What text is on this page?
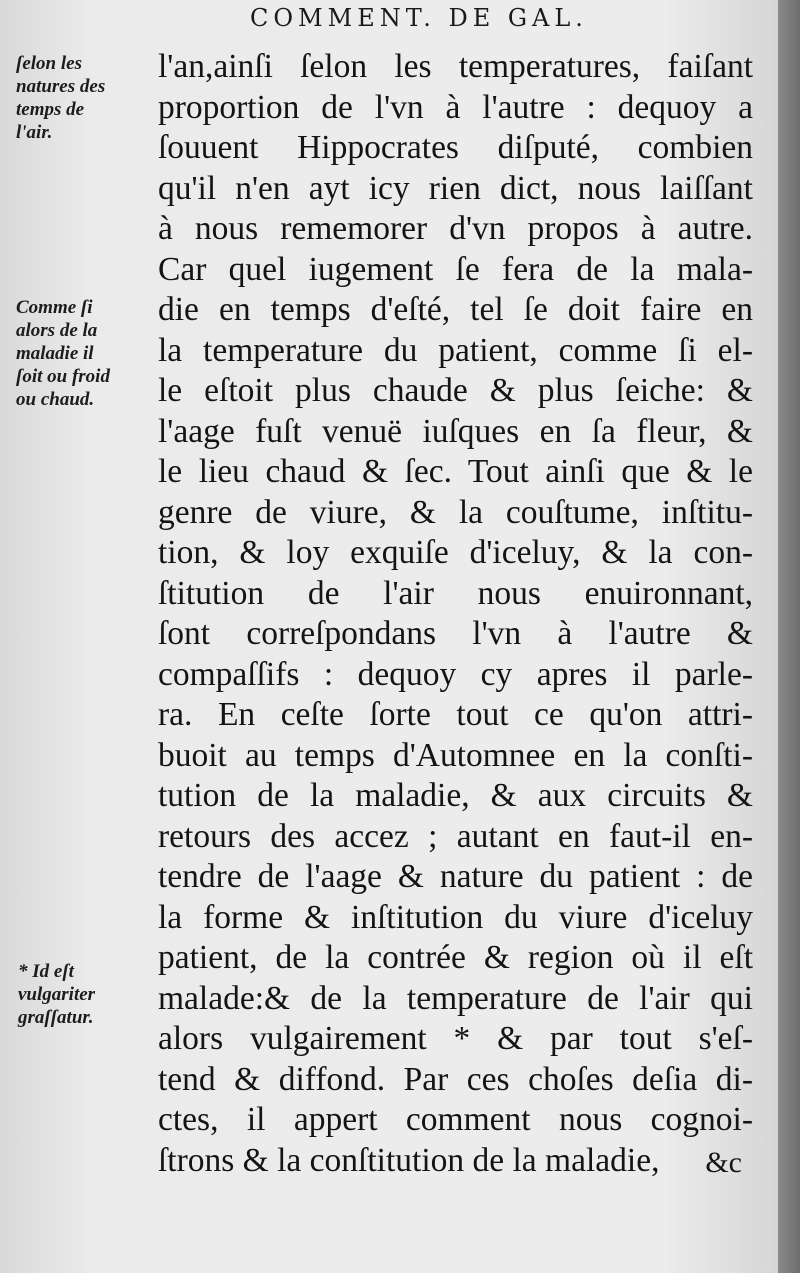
COMMENT. DE GAL.
ſelon les
natures des
temps de
l'air.
Comme ſi
alors de la
maladie il
ſoit ou froid
ou chaud.
* Id eſt
vulgariter
graſſatur.
l'an,ainſi ſelon les temperatures, faiſant
proportion de l'vn à l'autre : dequoy a
ſouuent Hippocrates diſputé, combien
qu'il n'en ayt icy rien dict, nous laiſſant
à nous rememorer d'vn propos à autre.
Car quel iugement ſe fera de la mala-
die en temps d'eſté, tel ſe doit faire en
la temperature du patient, comme ſi el-
le eſtoit plus chaude & plus ſeiche: &
l'aage fuſt venuë iuſques en ſa fleur, &
le lieu chaud & ſec. Tout ainſi que & le
genre de viure, & la couſtume, inſtitu-
tion, & loy exquiſe d'iceluy, & la con-
ſtitution de l'air nous enuironnant,
ſont correſpondans l'vn à l'autre &
compaſſifs : dequoy cy apres il parle-
ra. En ceſte ſorte tout ce qu'on attri-
buoit au temps d'Automnee en la conſti-
tution de la maladie, & aux circuits &
retours des accez ; autant en faut-il en-
tendre de l'aage & nature du patient : de
la forme & inſtitution du viure d'iceluy
patient, de la contrée & region où il eſt
malade:& de la temperature de l'air qui
alors vulgairement * & par tout s'eſ-
tend & diffond. Par ces choſes deſia di-
ctes, il appert comment nous cognoi-
ſtrons & la conſtitution de la maladie,	&c
